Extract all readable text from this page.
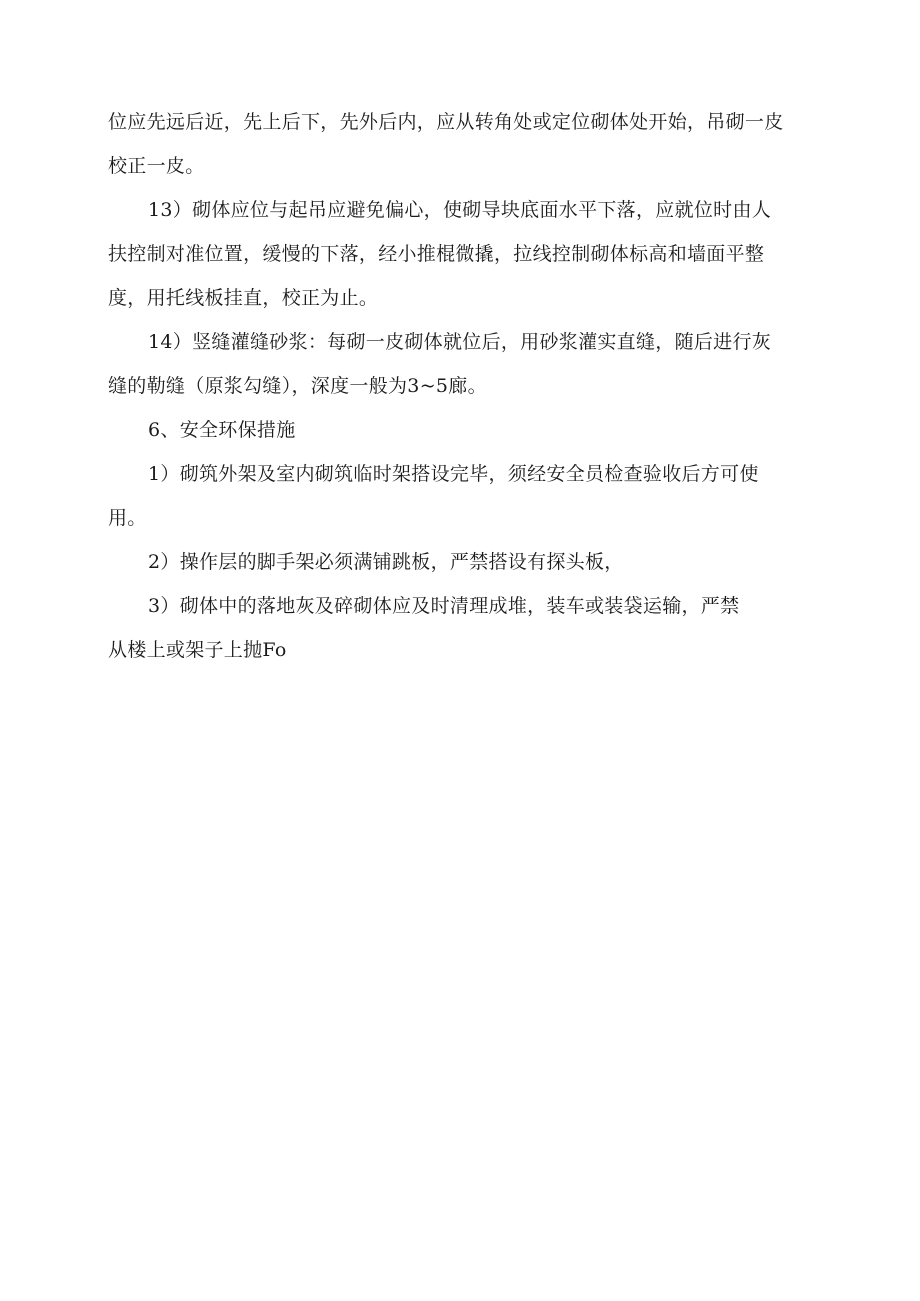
位应先远后近，先上后下，先外后内，应从转角处或定位砌体处开始，吊砌一皮
校正一皮。

13）砌体应位与起吊应避免偏心，使砌导块底面水平下落，应就位时由人
扶控制对准位置，缓慢的下落，经小推棍微撬，拉线控制砌体标高和墙面平整
度，用托线板挂直，校正为止。

14）竖缝灌缝砂浆：每砌一皮砌体就位后，用砂浆灌实直缝，随后进行灰
缝的勒缝（原浆勾缝），深度一般为3~5廊。

6、安全环保措施

1）砌筑外架及室内砌筑临时架搭设完毕，须经安全员检查验收后方可使
用。

2）操作层的脚手架必须满铺跳板，严禁搭设有探头板，

3）砌体中的落地灰及碎砌体应及时清理成堆，装车或装袋运输，严禁
从楼上或架子上抛Fo
